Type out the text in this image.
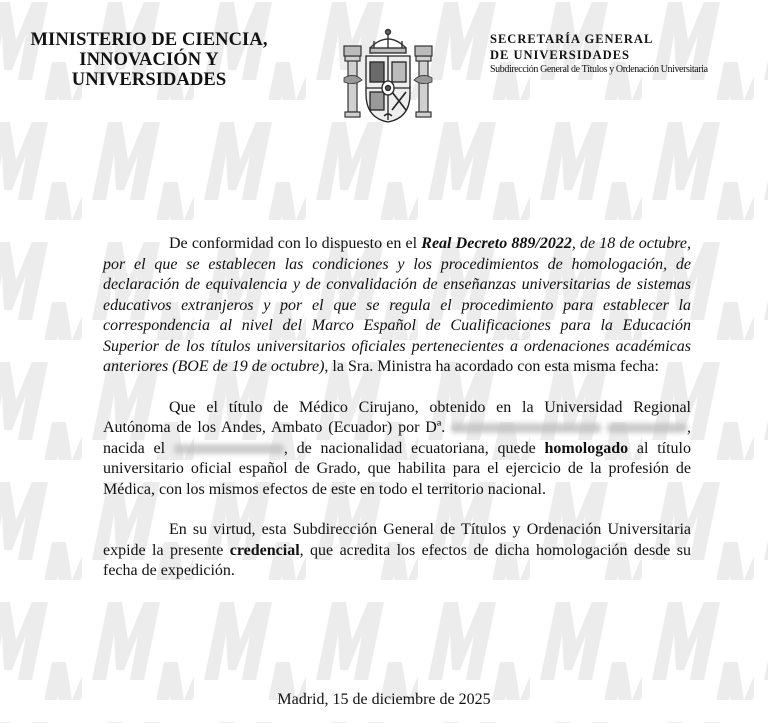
MINISTERIO DE CIENCIA,
INNOVACIÓN Y
UNIVERSIDADES
SECRETARÍA GENERAL
DE UNIVERSIDADES
Subdirección General de Títulos y Ordenación Universitaria

De conformidad con lo dispuesto en el Real Decreto 889/2022, de 18 de octubre, por el que se establecen las condiciones y los procedimientos de homologación, de declaración de equivalencia y de convalidación de enseñanzas universitarias de sistemas educativos extranjeros y por el que se regula el procedimiento para establecer la correspondencia al nivel del Marco Español de Cualificaciones para la Educación Superior de los títulos universitarios oficiales pertenecientes a ordenaciones académicas anteriores (BOE de 19 de octubre), la Sra. Ministra ha acordado con esta misma fecha:

Que el título de Médico Cirujano, obtenido en la Universidad Regional Autónoma de los Andes, Ambato (Ecuador) por Dª.	, nacida el	, de nacionalidad ecuatoriana, quede homologado al título universitario oficial español de Grado, que habilita para el ejercicio de la profesión de Médica, con los mismos efectos de este en todo el territorio nacional.

En su virtud, esta Subdirección General de Títulos y Ordenación Universitaria expide la presente credencial, que acredita los efectos de dicha homologación desde su fecha de expedición.

Madrid, 15 de diciembre de 2025
